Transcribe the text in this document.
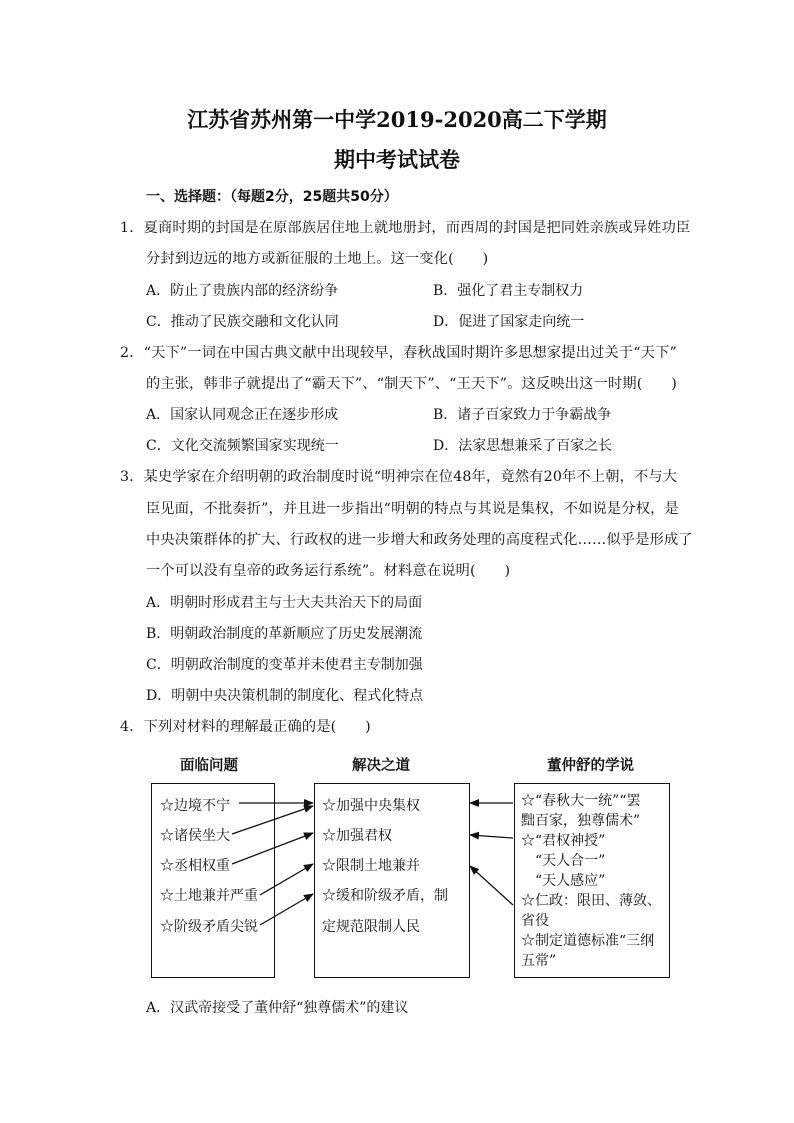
江苏省苏州第一中学2019-2020高二下学期
期中考试试卷
一、选择题：（每题2分，25题共50分）
1．夏商时期的封国是在原部族居住地上就地册封，而西周的封国是把同姓亲族或异姓功臣
分封到边远的地方或新征服的土地上。这一变化(　　)
A．防止了贵族内部的经济纷争	B．强化了君主专制权力
C．推动了民族交融和文化认同	D．促进了国家走向统一
2．“天下”一词在中国古典文献中出现较早，春秋战国时期许多思想家提出过关于“天下”
的主张，韩非子就提出了“霸天下”、“制天下”、“王天下”。这反映出这一时期(　　)
A．国家认同观念正在逐步形成	B．诸子百家致力于争霸战争
C．文化交流频繁国家实现统一	D．法家思想兼采了百家之长
3．某史学家在介绍明朝的政治制度时说“明神宗在位48年，竟然有20年不上朝，不与大
臣见面，不批奏折”，并且进一步指出“明朝的特点与其说是集权，不如说是分权，是
中央决策群体的扩大、行政权的进一步增大和政务处理的高度程式化……似乎是形成了
一个可以没有皇帝的政务运行系统”。材料意在说明(　　)
A．明朝时形成君主与士大夫共治天下的局面
B．明朝政治制度的革新顺应了历史发展潮流
C．明朝政治制度的变革并未使君主专制加强
D．明朝中央决策机制的制度化、程式化特点
4．下列对材料的理解最正确的是(　　)
面临问题	解决之道	董仲舒的学说
☆边境不宁
☆诸侯坐大
☆丞相权重
☆土地兼并严重
☆阶级矛盾尖锐
☆加强中央集权
☆加强君权
☆限制土地兼并
☆缓和阶级矛盾，制
定规范限制人民
☆“春秋大一统”“罢
黜百家，独尊儒术”
☆“君权神授”
　“天人合一”
　“天人感应”
☆仁政：限田、薄敛、
省役
☆制定道德标准“三纲
五常”
A．汉武帝接受了董仲舒“独尊儒术”的建议
